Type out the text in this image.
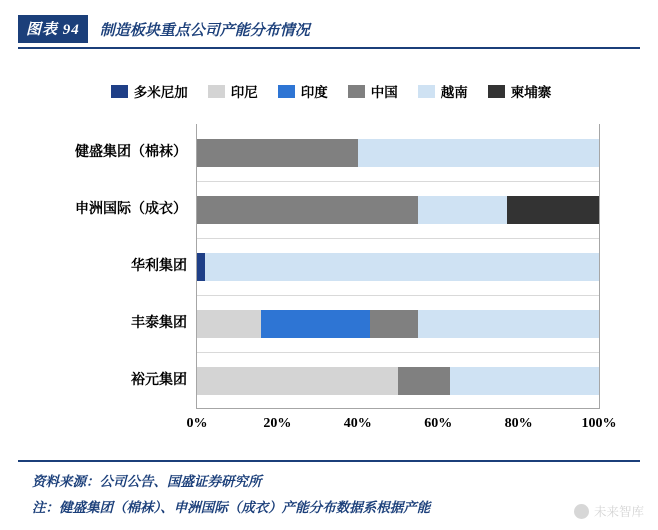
图表 94	制造板块重点公司产能分布情况
多米尼加	印尼	印度	中国	越南	柬埔寨
健盛集团（棉袜）
申洲国际（成衣）
华利集团
丰泰集团
裕元集团
0%	20%	40%	60%	80%	100%
资料来源：公司公告、国盛证券研究所
注：健盛集团（棉袜）、申洲国际（成衣）产能分布数据系根据产能	未来智库
